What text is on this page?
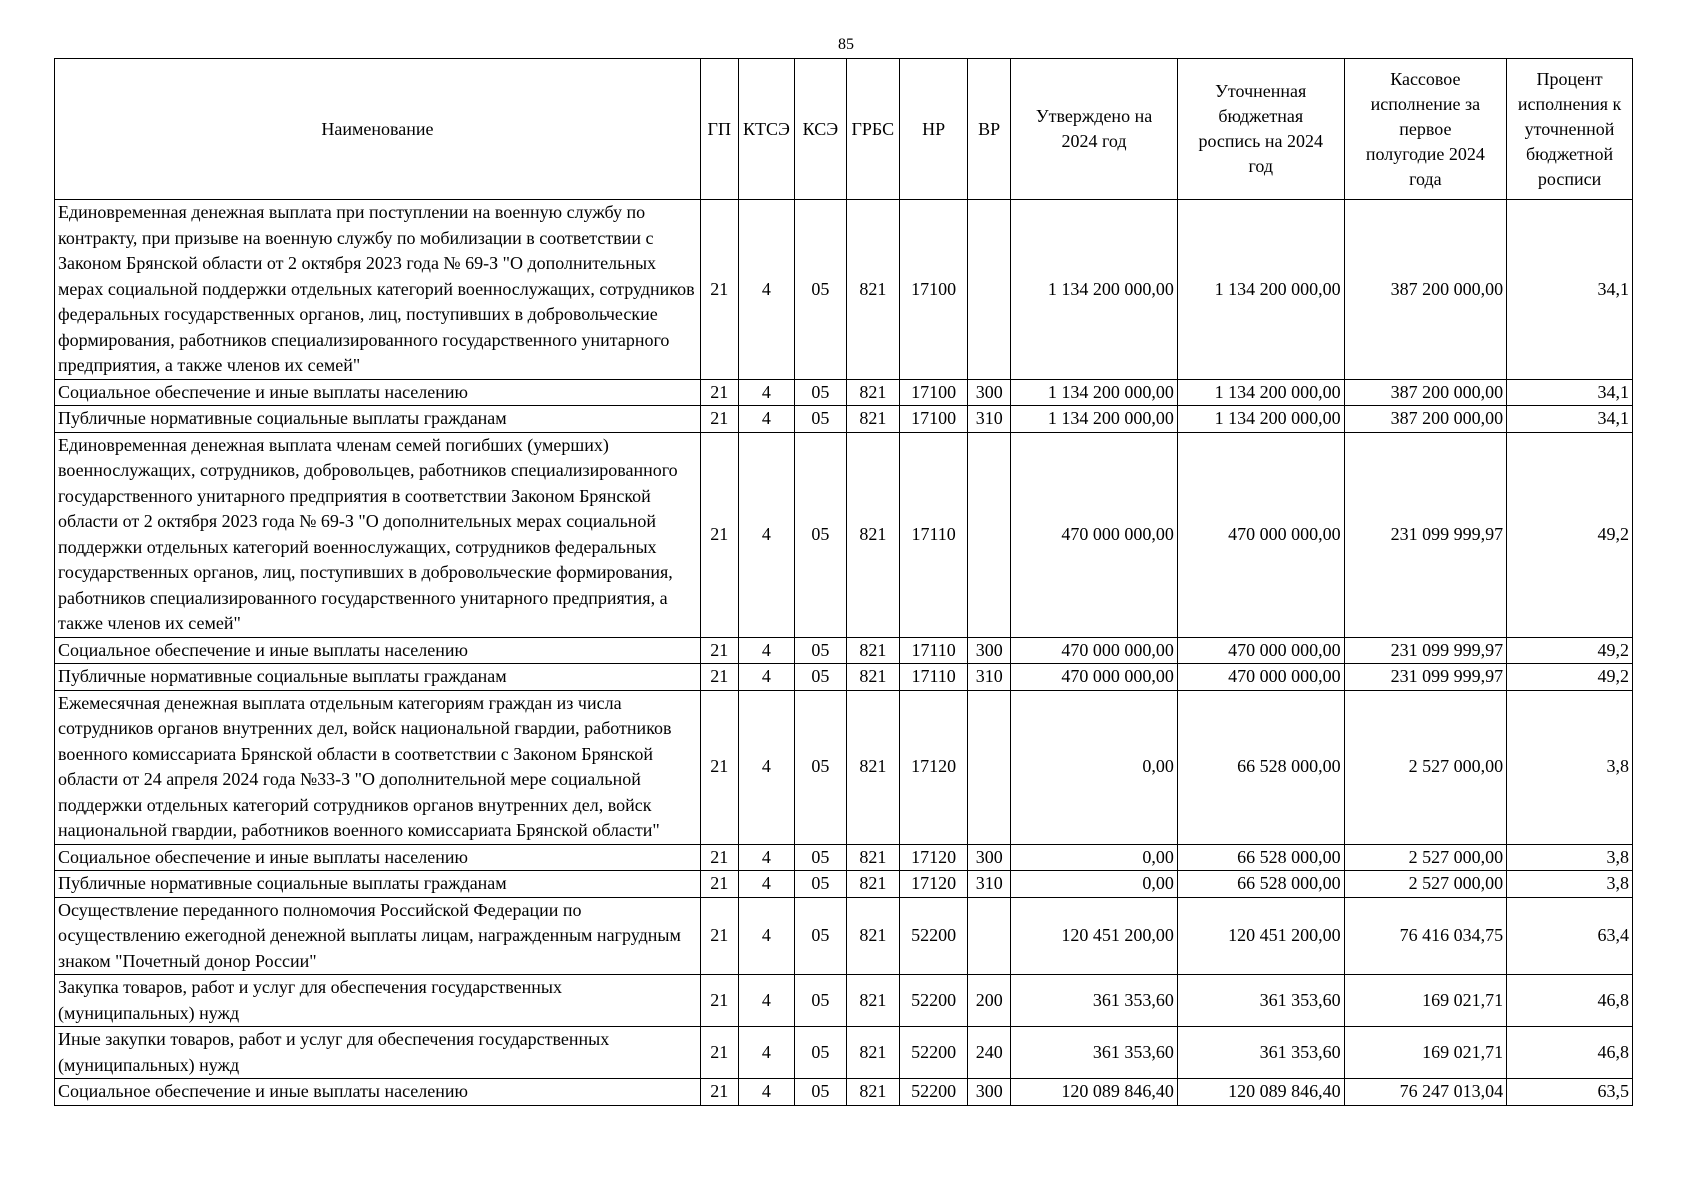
85
Наименование	ГП	КТСЭ	КСЭ	ГРБС	НР	ВР	Утверждено на 2024 год	Уточненная бюджетная роспись на 2024 год	Кассовое исполнение за первое полугодие 2024 года	Процент исполнения к уточненной бюджетной росписи
Единовременная денежная выплата при поступлении на военную службу по контракту, при призыве на военную службу по мобилизации в соответствии с Законом Брянской области от 2 октября 2023 года № 69-З "О дополнительных мерах социальной поддержки отдельных категорий военнослужащих, сотрудников федеральных государственных органов, лиц, поступивших в добровольческие формирования, работников специализированного государственного унитарного предприятия, а также членов их семей"	21	4	05	821	17100		1 134 200 000,00	1 134 200 000,00	387 200 000,00	34,1
Социальное обеспечение и иные выплаты населению	21	4	05	821	17100	300	1 134 200 000,00	1 134 200 000,00	387 200 000,00	34,1
Публичные нормативные социальные выплаты гражданам	21	4	05	821	17100	310	1 134 200 000,00	1 134 200 000,00	387 200 000,00	34,1
Единовременная денежная выплата членам семей погибших (умерших) военнослужащих, сотрудников, добровольцев, работников специализированного государственного унитарного предприятия в соответствии Законом Брянской области от 2 октября 2023 года № 69-З "О дополнительных мерах социальной поддержки отдельных категорий военнослужащих, сотрудников федеральных государственных органов, лиц, поступивших в добровольческие формирования, работников специализированного государственного унитарного предприятия, а также членов их семей"	21	4	05	821	17110		470 000 000,00	470 000 000,00	231 099 999,97	49,2
Социальное обеспечение и иные выплаты населению	21	4	05	821	17110	300	470 000 000,00	470 000 000,00	231 099 999,97	49,2
Публичные нормативные социальные выплаты гражданам	21	4	05	821	17110	310	470 000 000,00	470 000 000,00	231 099 999,97	49,2
Ежемесячная денежная выплата отдельным категориям граждан из числа сотрудников органов внутренних дел, войск национальной гвардии, работников военного комиссариата Брянской области в соответствии с Законом Брянской области от 24 апреля 2024 года №33-З "О дополнительной мере социальной поддержки отдельных категорий сотрудников органов внутренних дел, войск национальной гвардии, работников военного комиссариата Брянской области"	21	4	05	821	17120		0,00	66 528 000,00	2 527 000,00	3,8
Социальное обеспечение и иные выплаты населению	21	4	05	821	17120	300	0,00	66 528 000,00	2 527 000,00	3,8
Публичные нормативные социальные выплаты гражданам	21	4	05	821	17120	310	0,00	66 528 000,00	2 527 000,00	3,8
Осуществление переданного полномочия Российской Федерации по осуществлению ежегодной денежной выплаты лицам, награжденным нагрудным знаком "Почетный донор России"	21	4	05	821	52200		120 451 200,00	120 451 200,00	76 416 034,75	63,4
Закупка товаров, работ и услуг для обеспечения государственных (муниципальных) нужд	21	4	05	821	52200	200	361 353,60	361 353,60	169 021,71	46,8
Иные закупки товаров, работ и услуг для обеспечения государственных (муниципальных) нужд	21	4	05	821	52200	240	361 353,60	361 353,60	169 021,71	46,8
Социальное обеспечение и иные выплаты населению	21	4	05	821	52200	300	120 089 846,40	120 089 846,40	76 247 013,04	63,5
